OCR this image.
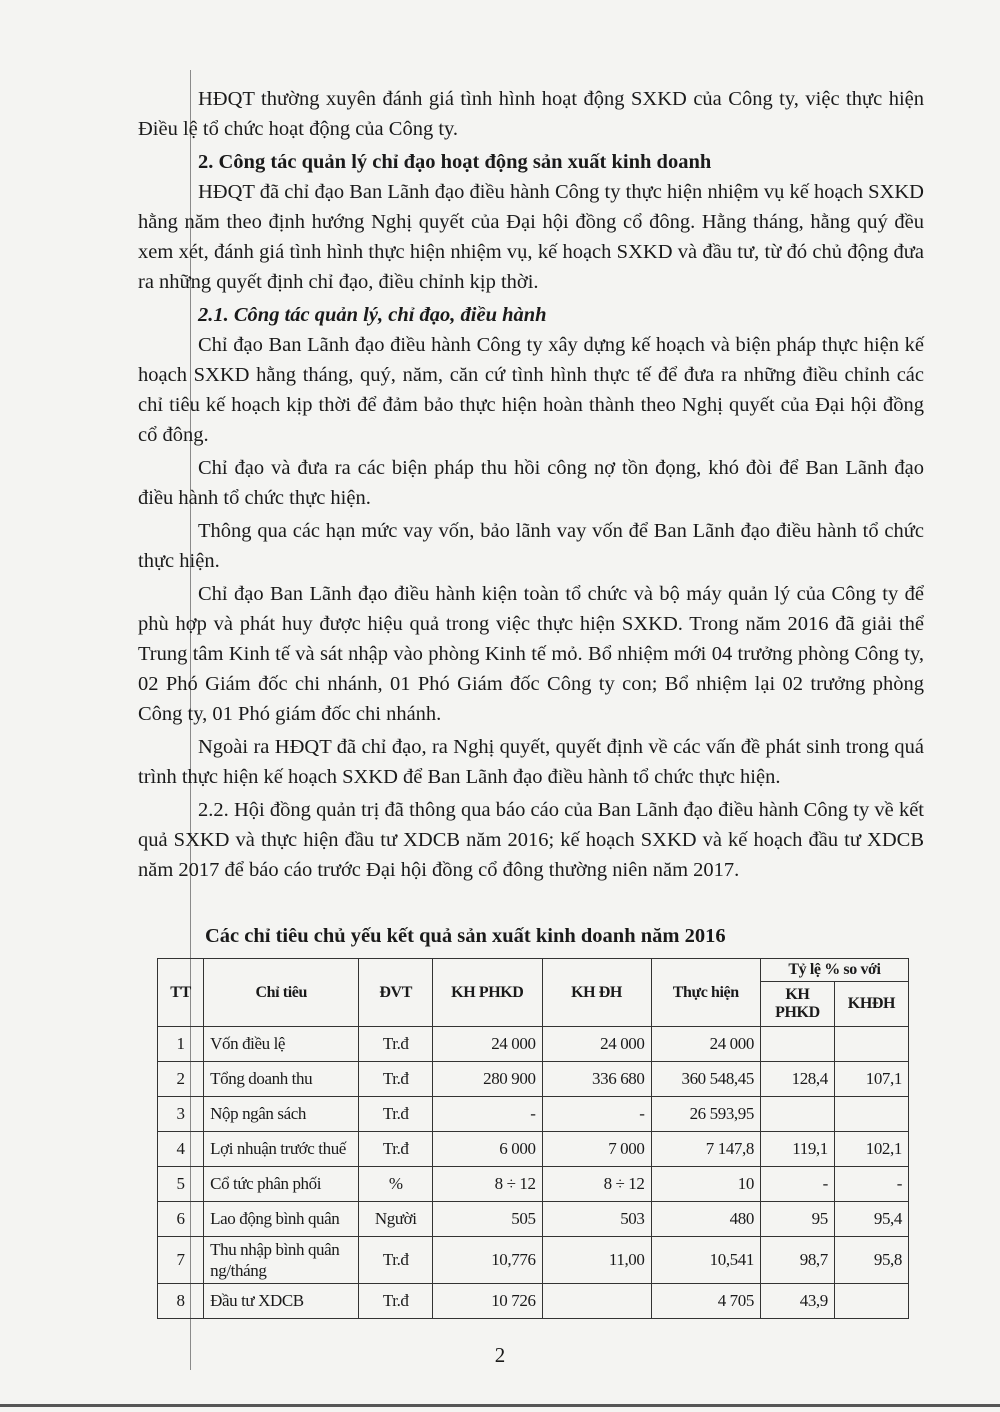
HĐQT thường xuyên đánh giá tình hình hoạt động SXKD của Công ty, việc thực hiện Điều lệ tổ chức hoạt động của Công ty.

2. Công tác quản lý chỉ đạo hoạt động sản xuất kinh doanh

HĐQT đã chỉ đạo Ban Lãnh đạo điều hành Công ty thực hiện nhiệm vụ kế hoạch SXKD hằng năm theo định hướng Nghị quyết của Đại hội đồng cổ đông. Hằng tháng, hằng quý đều xem xét, đánh giá tình hình thực hiện nhiệm vụ, kế hoạch SXKD và đầu tư, từ đó chủ động đưa ra những quyết định chỉ đạo, điều chỉnh kịp thời.

2.1. Công tác quản lý, chỉ đạo, điều hành

Chỉ đạo Ban Lãnh đạo điều hành Công ty xây dựng kế hoạch và biện pháp thực hiện kế hoạch SXKD hằng tháng, quý, năm, căn cứ tình hình thực tế để đưa ra những điều chỉnh các chỉ tiêu kế hoạch kịp thời để đảm bảo thực hiện hoàn thành theo Nghị quyết của Đại hội đồng cổ đông.

Chỉ đạo và đưa ra các biện pháp thu hồi công nợ tồn đọng, khó đòi để Ban Lãnh đạo điều hành tổ chức thực hiện.

Thông qua các hạn mức vay vốn, bảo lãnh vay vốn để Ban Lãnh đạo điều hành tổ chức thực hiện.

Chỉ đạo Ban Lãnh đạo điều hành kiện toàn tổ chức và bộ máy quản lý của Công ty để phù hợp và phát huy được hiệu quả trong việc thực hiện SXKD. Trong năm 2016 đã giải thể Trung tâm Kinh tế và sát nhập vào phòng Kinh tế mỏ. Bổ nhiệm mới 04 trưởng phòng Công ty, 02 Phó Giám đốc chi nhánh, 01 Phó Giám đốc Công ty con; Bổ nhiệm lại 02 trưởng phòng Công ty, 01 Phó giám đốc chi nhánh.

Ngoài ra HĐQT đã chỉ đạo, ra Nghị quyết, quyết định về các vấn đề phát sinh trong quá trình thực hiện kế hoạch SXKD để Ban Lãnh đạo điều hành tổ chức thực hiện.

2.2. Hội đồng quản trị đã thông qua báo cáo của Ban Lãnh đạo điều hành Công ty về kết quả SXKD và thực hiện đầu tư XDCB năm 2016; kế hoạch SXKD và kế hoạch đầu tư XDCB năm 2017 để báo cáo trước Đại hội đồng cổ đông thường niên năm 2017.

Các chỉ tiêu chủ yếu kết quả sản xuất kinh doanh năm 2016
TT	Chỉ tiêu	ĐVT	KH PHKD	KH ĐH	Thực hiện	Tỷ lệ % so với	
						KH PHKD	KHĐH
1	Vốn điều lệ	Tr.đ	24 000	24 000	24 000		
2	Tổng doanh thu	Tr.đ	280 900	336 680	360 548,45	128,4	107,1
3	Nộp ngân sách	Tr.đ	-	-	26 593,95		
4	Lợi nhuận trước thuế	Tr.đ	6 000	7 000	7 147,8	119,1	102,1
5	Cổ tức phân phối	%	8 ÷ 12	8 ÷ 12	10	-	-
6	Lao động bình quân	Người	505	503	480	95	95,4
7	Thu nhập bình quân ng/tháng	Tr.đ	10,776	11,00	10,541	98,7	95,8
8	Đầu tư XDCB	Tr.đ	10 726		4 705	43,9	
2
